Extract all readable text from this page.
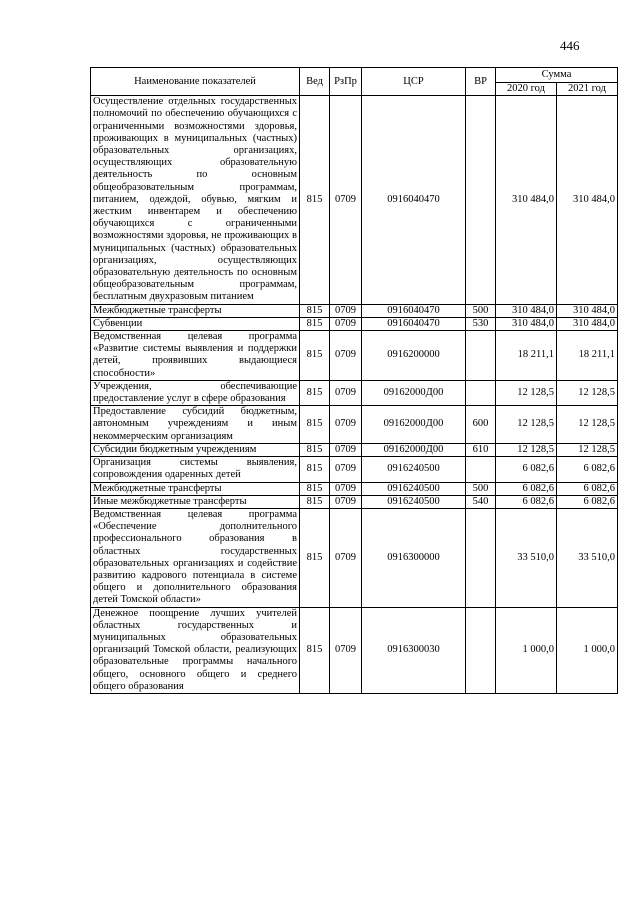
446
Наименование показателей	Вед	РзПр	ЦСР	ВР	Сумма	
					2020 год	2021 год
Осуществление отдельных государственных полномочий по обеспечению обучающихся с ограниченными возможностями здоровья, проживающих в муниципальных (частных) образовательных организациях, осуществляющих образовательную деятельность по основным общеобразовательным программам, питанием, одеждой, обувью, мягким и жестким инвентарем и обеспечению обучающихся с ограниченными возможностями здоровья, не проживающих в муниципальных (частных) образовательных организациях, осуществляющих образовательную деятельность по основным общеобразовательным программам, бесплатным двухразовым питанием	815	0709	0916040470		310 484,0	310 484,0
Межбюджетные трансферты	815	0709	0916040470	500	310 484,0	310 484,0
Субвенции	815	0709	0916040470	530	310 484,0	310 484,0
Ведомственная целевая программа «Развитие системы выявления и поддержки детей, проявивших выдающиеся способности»	815	0709	0916200000		18 211,1	18 211,1
Учреждения, обеспечивающие предоставление услуг в сфере образования	815	0709	09162000Д00		12 128,5	12 128,5
Предоставление субсидий бюджетным, автономным учреждениям и иным некоммерческим организациям	815	0709	09162000Д00	600	12 128,5	12 128,5
Субсидии бюджетным учреждениям	815	0709	09162000Д00	610	12 128,5	12 128,5
Организация системы выявления, сопровождения одаренных детей	815	0709	0916240500		6 082,6	6 082,6
Межбюджетные трансферты	815	0709	0916240500	500	6 082,6	6 082,6
Иные межбюджетные трансферты	815	0709	0916240500	540	6 082,6	6 082,6
Ведомственная целевая программа «Обеспечение дополнительного профессионального образования в областных государственных образовательных организациях и содействие развитию кадрового потенциала в системе общего и дополнительного образования детей Томской области»	815	0709	0916300000		33 510,0	33 510,0
Денежное поощрение лучших учителей областных государственных и муниципальных образовательных организаций Томской области, реализующих образовательные программы начального общего, основного общего и среднего общего образования	815	0709	0916300030		1 000,0	1 000,0
